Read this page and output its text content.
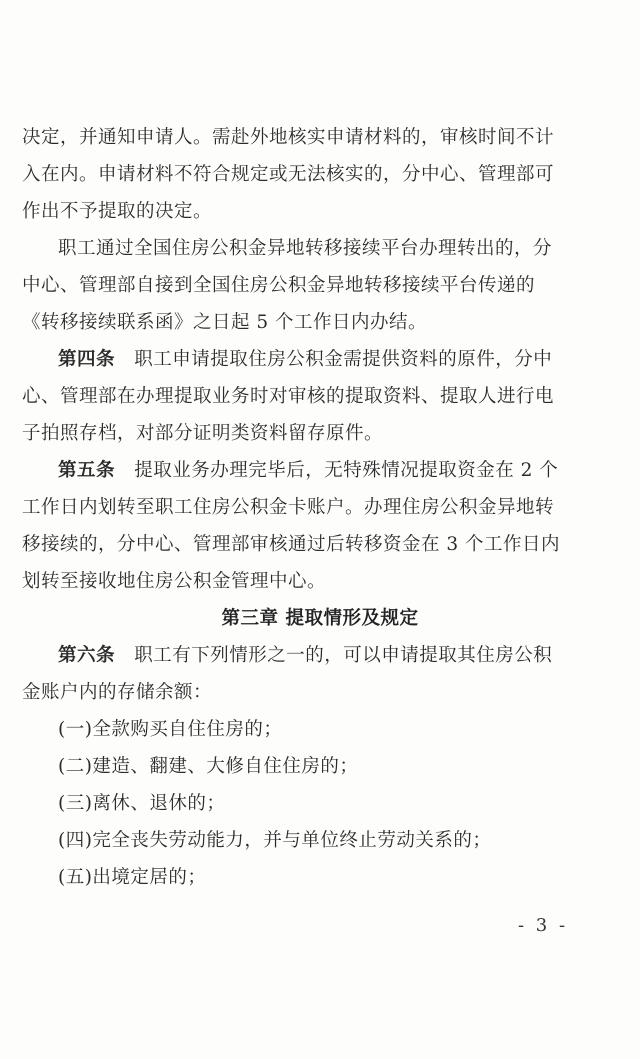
决定，并通知申请人。需赴外地核实申请材料的，审核时间不计
入在内。申请材料不符合规定或无法核实的，分中心、管理部可
作出不予提取的决定。
职工通过全国住房公积金异地转移接续平台办理转出的，分
中心、管理部自接到全国住房公积金异地转移接续平台传递的
《转移接续联系函》之日起 5 个工作日内办结。
第四条 职工申请提取住房公积金需提供资料的原件，分中
心、管理部在办理提取业务时对审核的提取资料、提取人进行电
子拍照存档，对部分证明类资料留存原件。
第五条 提取业务办理完毕后，无特殊情况提取资金在 2 个
工作日内划转至职工住房公积金卡账户。办理住房公积金异地转
移接续的，分中心、管理部审核通过后转移资金在 3 个工作日内
划转至接收地住房公积金管理中心。
第三章 提取情形及规定
第六条 职工有下列情形之一的，可以申请提取其住房公积
金账户内的存储余额：
(一)全款购买自住住房的；
(二)建造、翻建、大修自住住房的；
(三)离休、退休的；
(四)完全丧失劳动能力，并与单位终止劳动关系的；
(五)出境定居的；
- 3 -
